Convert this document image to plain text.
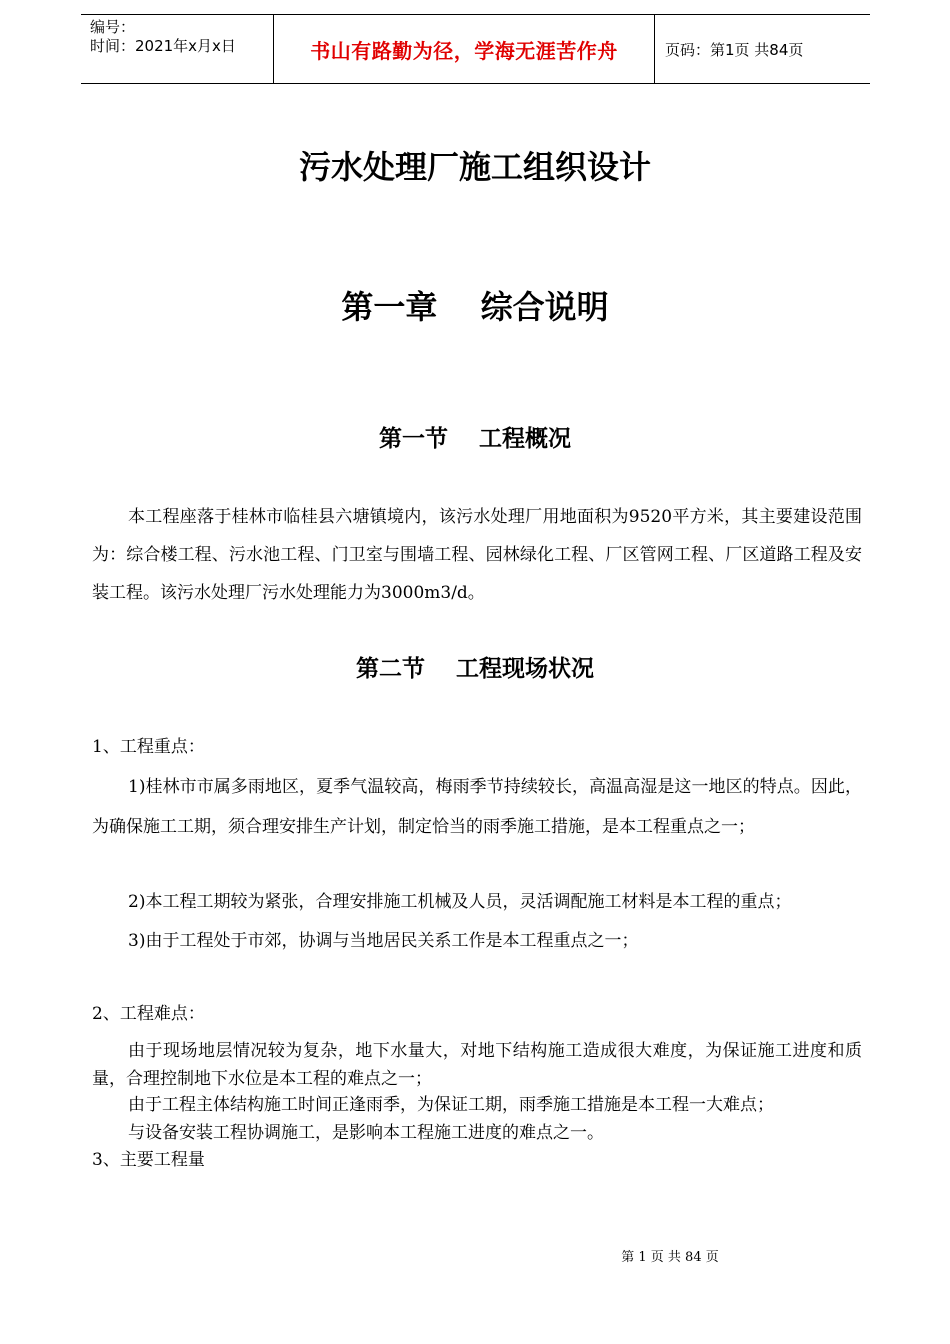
编号：
时间：2021年x月x日	书山有路勤为径，学海无涯苦作舟	页码：第1页 共84页
污水处理厂施工组织设计
第一章　 综合说明
第一节　 工程概况
本工程座落于桂林市临桂县六塘镇境内，该污水处理厂用地面积为9520平方米，其主要建设范围为：综合楼工程、污水池工程、门卫室与围墙工程、园林绿化工程、厂区管网工程、厂区道路工程及安装工程。该污水处理厂污水处理能力为3000m3/d。
第二节　 工程现场状况
1、工程重点：
1)桂林市市属多雨地区，夏季气温较高，梅雨季节持续较长，高温高湿是这一地区的特点。因此，为确保施工工期，须合理安排生产计划，制定恰当的雨季施工措施，是本工程重点之一；
2)本工程工期较为紧张，合理安排施工机械及人员，灵活调配施工材料是本工程的重点；
3)由于工程处于市郊，协调与当地居民关系工作是本工程重点之一；
2、工程难点：
由于现场地层情况较为复杂，地下水量大，对地下结构施工造成很大难度，为保证施工进度和质量，合理控制地下水位是本工程的难点之一；
由于工程主体结构施工时间正逢雨季，为保证工期，雨季施工措施是本工程一大难点；
与设备安装工程协调施工，是影响本工程施工进度的难点之一。
3、主要工程量
第 1 页 共 84 页
